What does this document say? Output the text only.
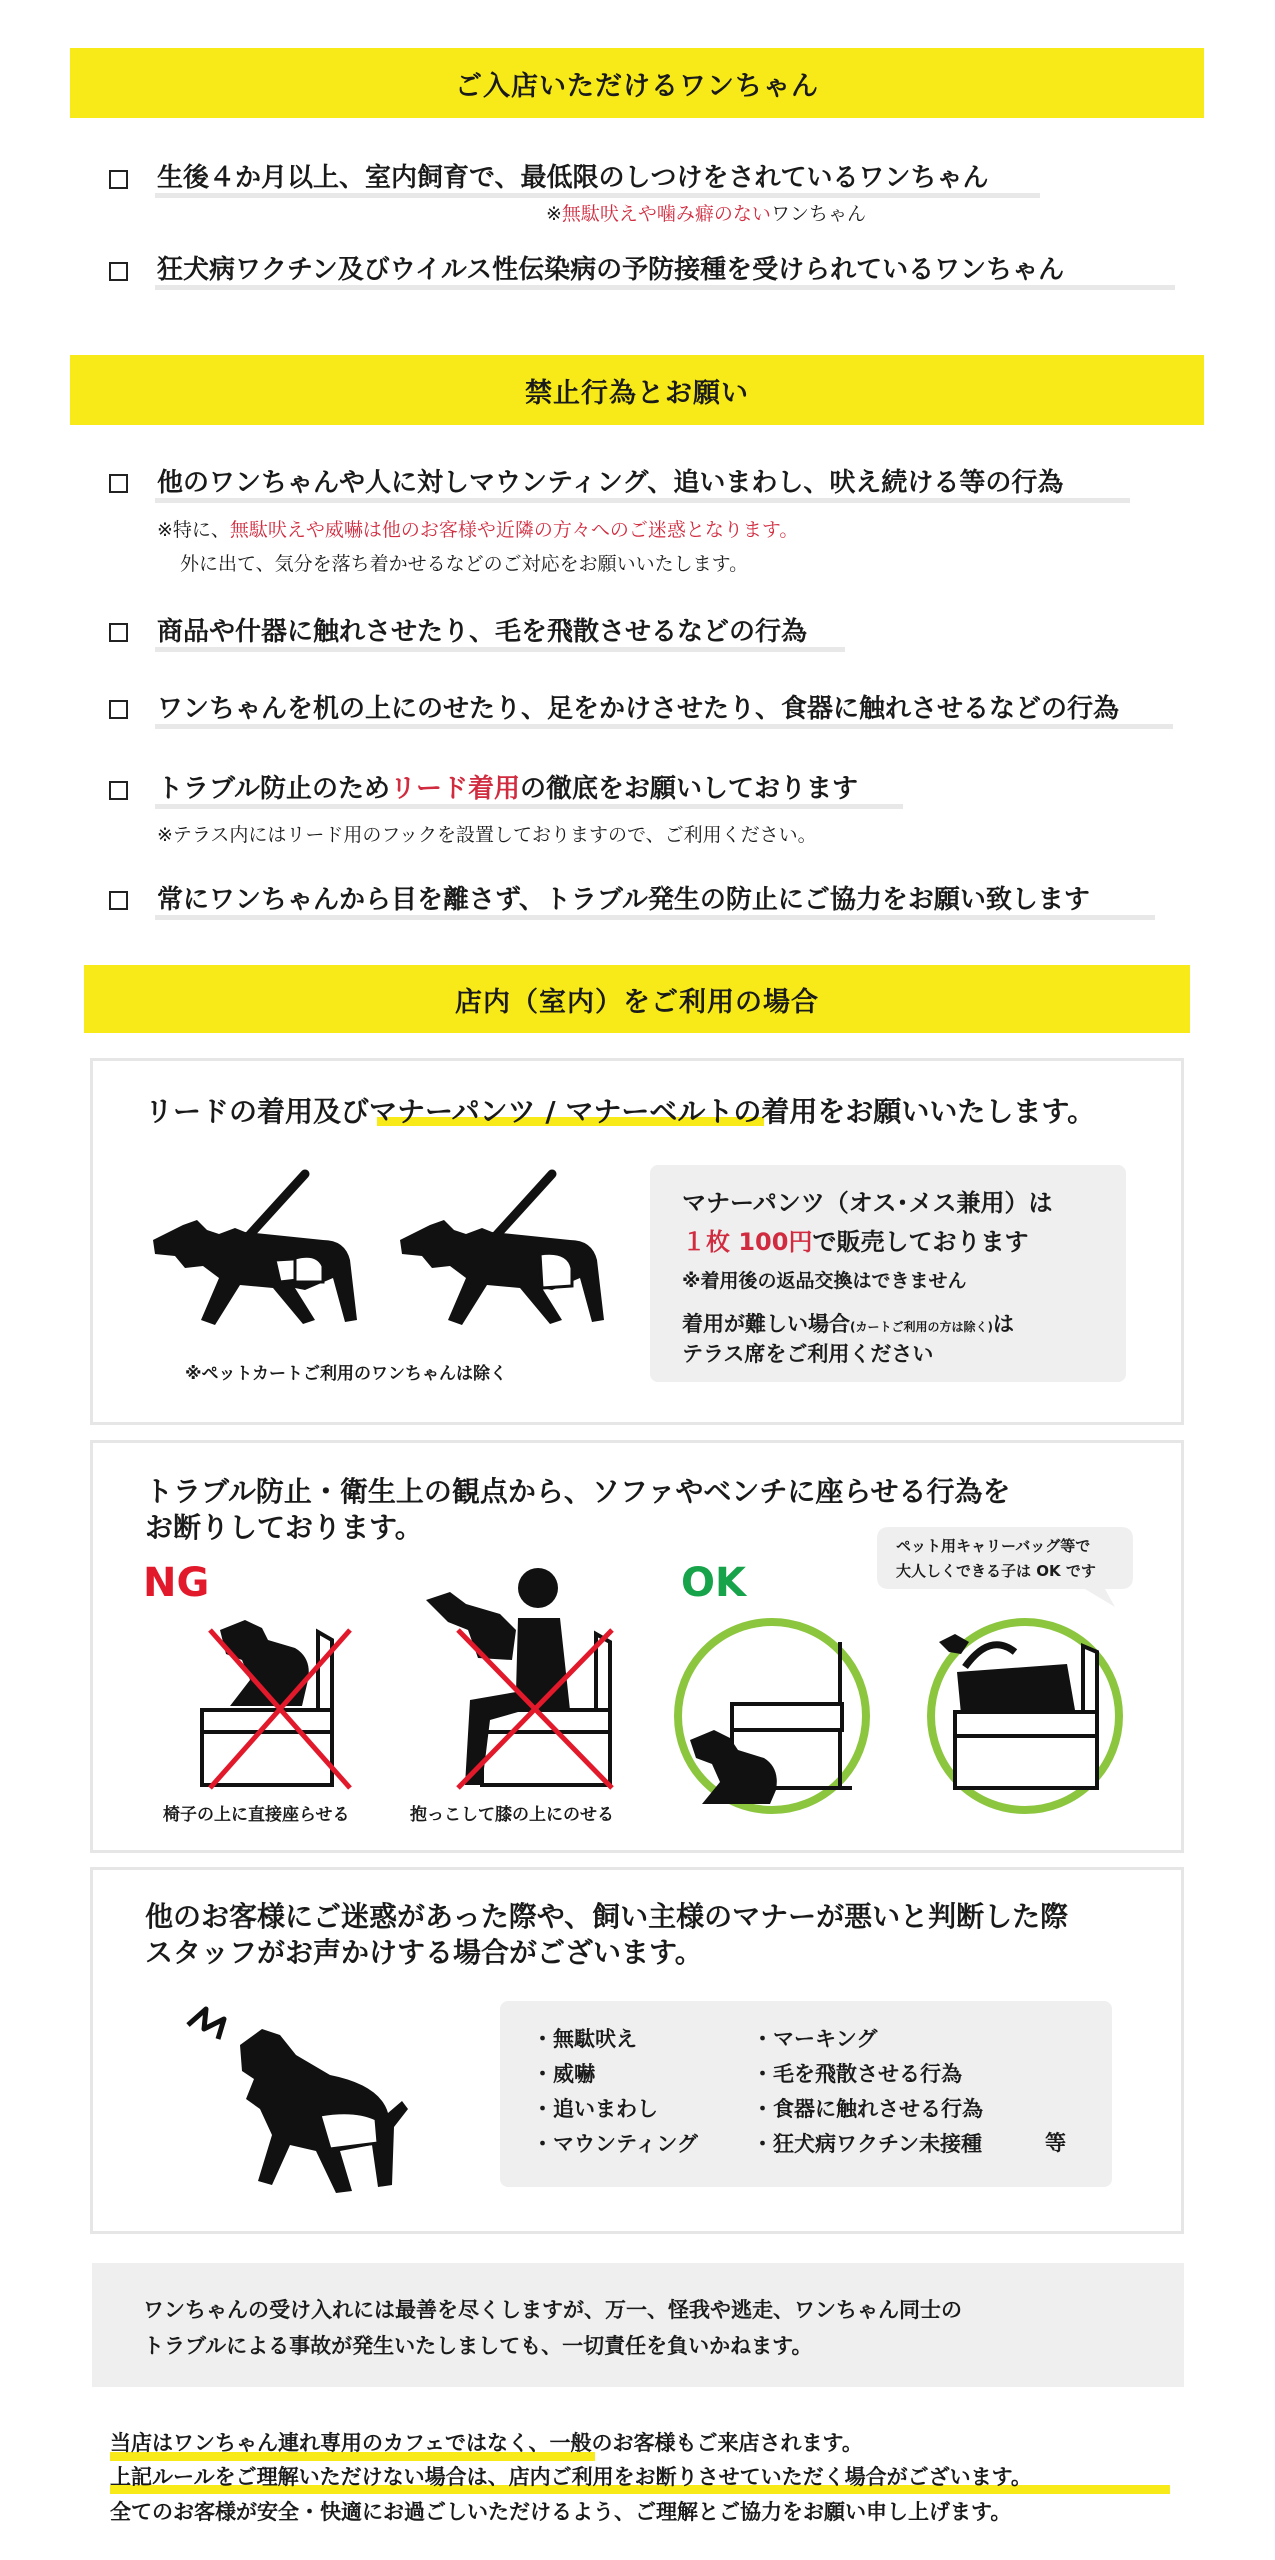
ご入店いただけるワンちゃん
生後４か月以上、室内飼育で、最低限のしつけをされているワンちゃん
※無駄吠えや噛み癖のないワンちゃん
狂犬病ワクチン及びウイルス性伝染病の予防接種を受けられているワンちゃん
禁止行為とお願い
他のワンちゃんや人に対しマウンティング、追いまわし、吠え続ける等の行為
※特に、無駄吠えや威嚇は他のお客様や近隣の方々へのご迷惑となります。
外に出て、気分を落ち着かせるなどのご対応をお願いいたします。
商品や什器に触れさせたり、毛を飛散させるなどの行為
ワンちゃんを机の上にのせたり、足をかけさせたり、食器に触れさせるなどの行為
トラブル防止のためリード着用の徹底をお願いしております
※テラス内にはリード用のフックを設置しておりますので、ご利用ください。
常にワンちゃんから目を離さず、トラブル発生の防止にご協力をお願い致します
店内（室内）をご利用の場合
リードの着用及びマナーパンツ / マナーベルトの着用をお願いいたします。
※ペットカートご利用のワンちゃんは除く
マナーパンツ（オス･メス兼用）は
１枚 100円で販売しております
※着用後の返品交換はできません
着用が難しい場合(カートご利用の方は除く)は
テラス席をご利用ください
トラブル防止・衛生上の観点から、ソファやベンチに座らせる行為を
お断りしております。
NG	OK
椅子の上に直接座らせる	抱っこして膝の上にのせる
ペット用キャリーバッグ等で
大人しくできる子は OK です
他のお客様にご迷惑があった際や、飼い主様のマナーが悪いと判断した際
スタッフがお声かけする場合がございます。
・無駄吠え
・威嚇
・追いまわし
・マウンティング
・マーキング
・毛を飛散させる行為
・食器に触れさせる行為
・狂犬病ワクチン未接種	等
ワンちゃんの受け入れには最善を尽くしますが、万一、怪我や逃走、ワンちゃん同士の
トラブルによる事故が発生いたしましても、一切責任を負いかねます。
当店はワンちゃん連れ専用のカフェではなく、一般のお客様もご来店されます。
上記ルールをご理解いただけない場合は、店内ご利用をお断りさせていただく場合がございます。
全てのお客様が安全・快適にお過ごしいただけるよう、ご理解とご協力をお願い申し上げます。
